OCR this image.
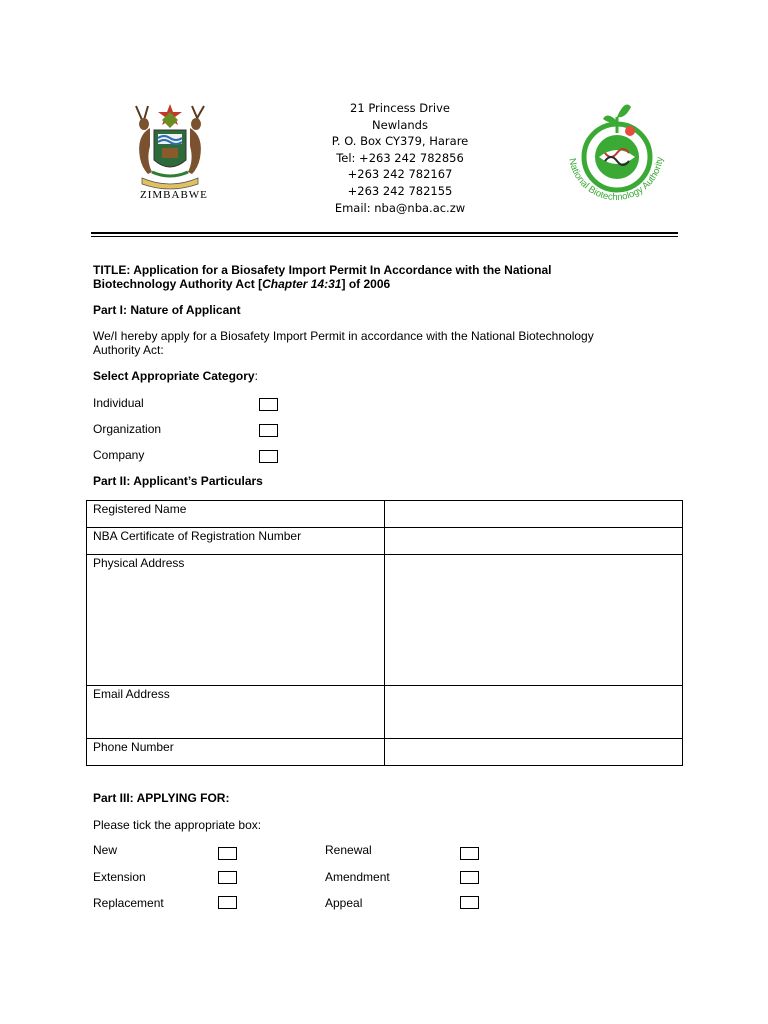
ZIMBABWE
21 Princess Drive
Newlands
P. O. Box CY379, Harare
Tel: +263 242 782856
+263 242 782167
+263 242 782155
Email: nba@nba.ac.zw
National Biotechnology Authority
TITLE: Application for a Biosafety Import Permit In Accordance with the National
Biotechnology Authority Act [Chapter 14:31] of 2006
Part I: Nature of Applicant
We/I hereby apply for a Biosafety Import Permit in accordance with the National Biotechnology
Authority Act:
Select Appropriate Category:
Individual
Organization
Company
Part II: Applicant’s Particulars
Registered Name	
NBA Certificate of Registration Number	
Physical Address	
Email Address	
Phone Number	
Part III: APPLYING FOR:
Please tick the appropriate box:
New	Renewal
Extension	Amendment
Replacement	Appeal
